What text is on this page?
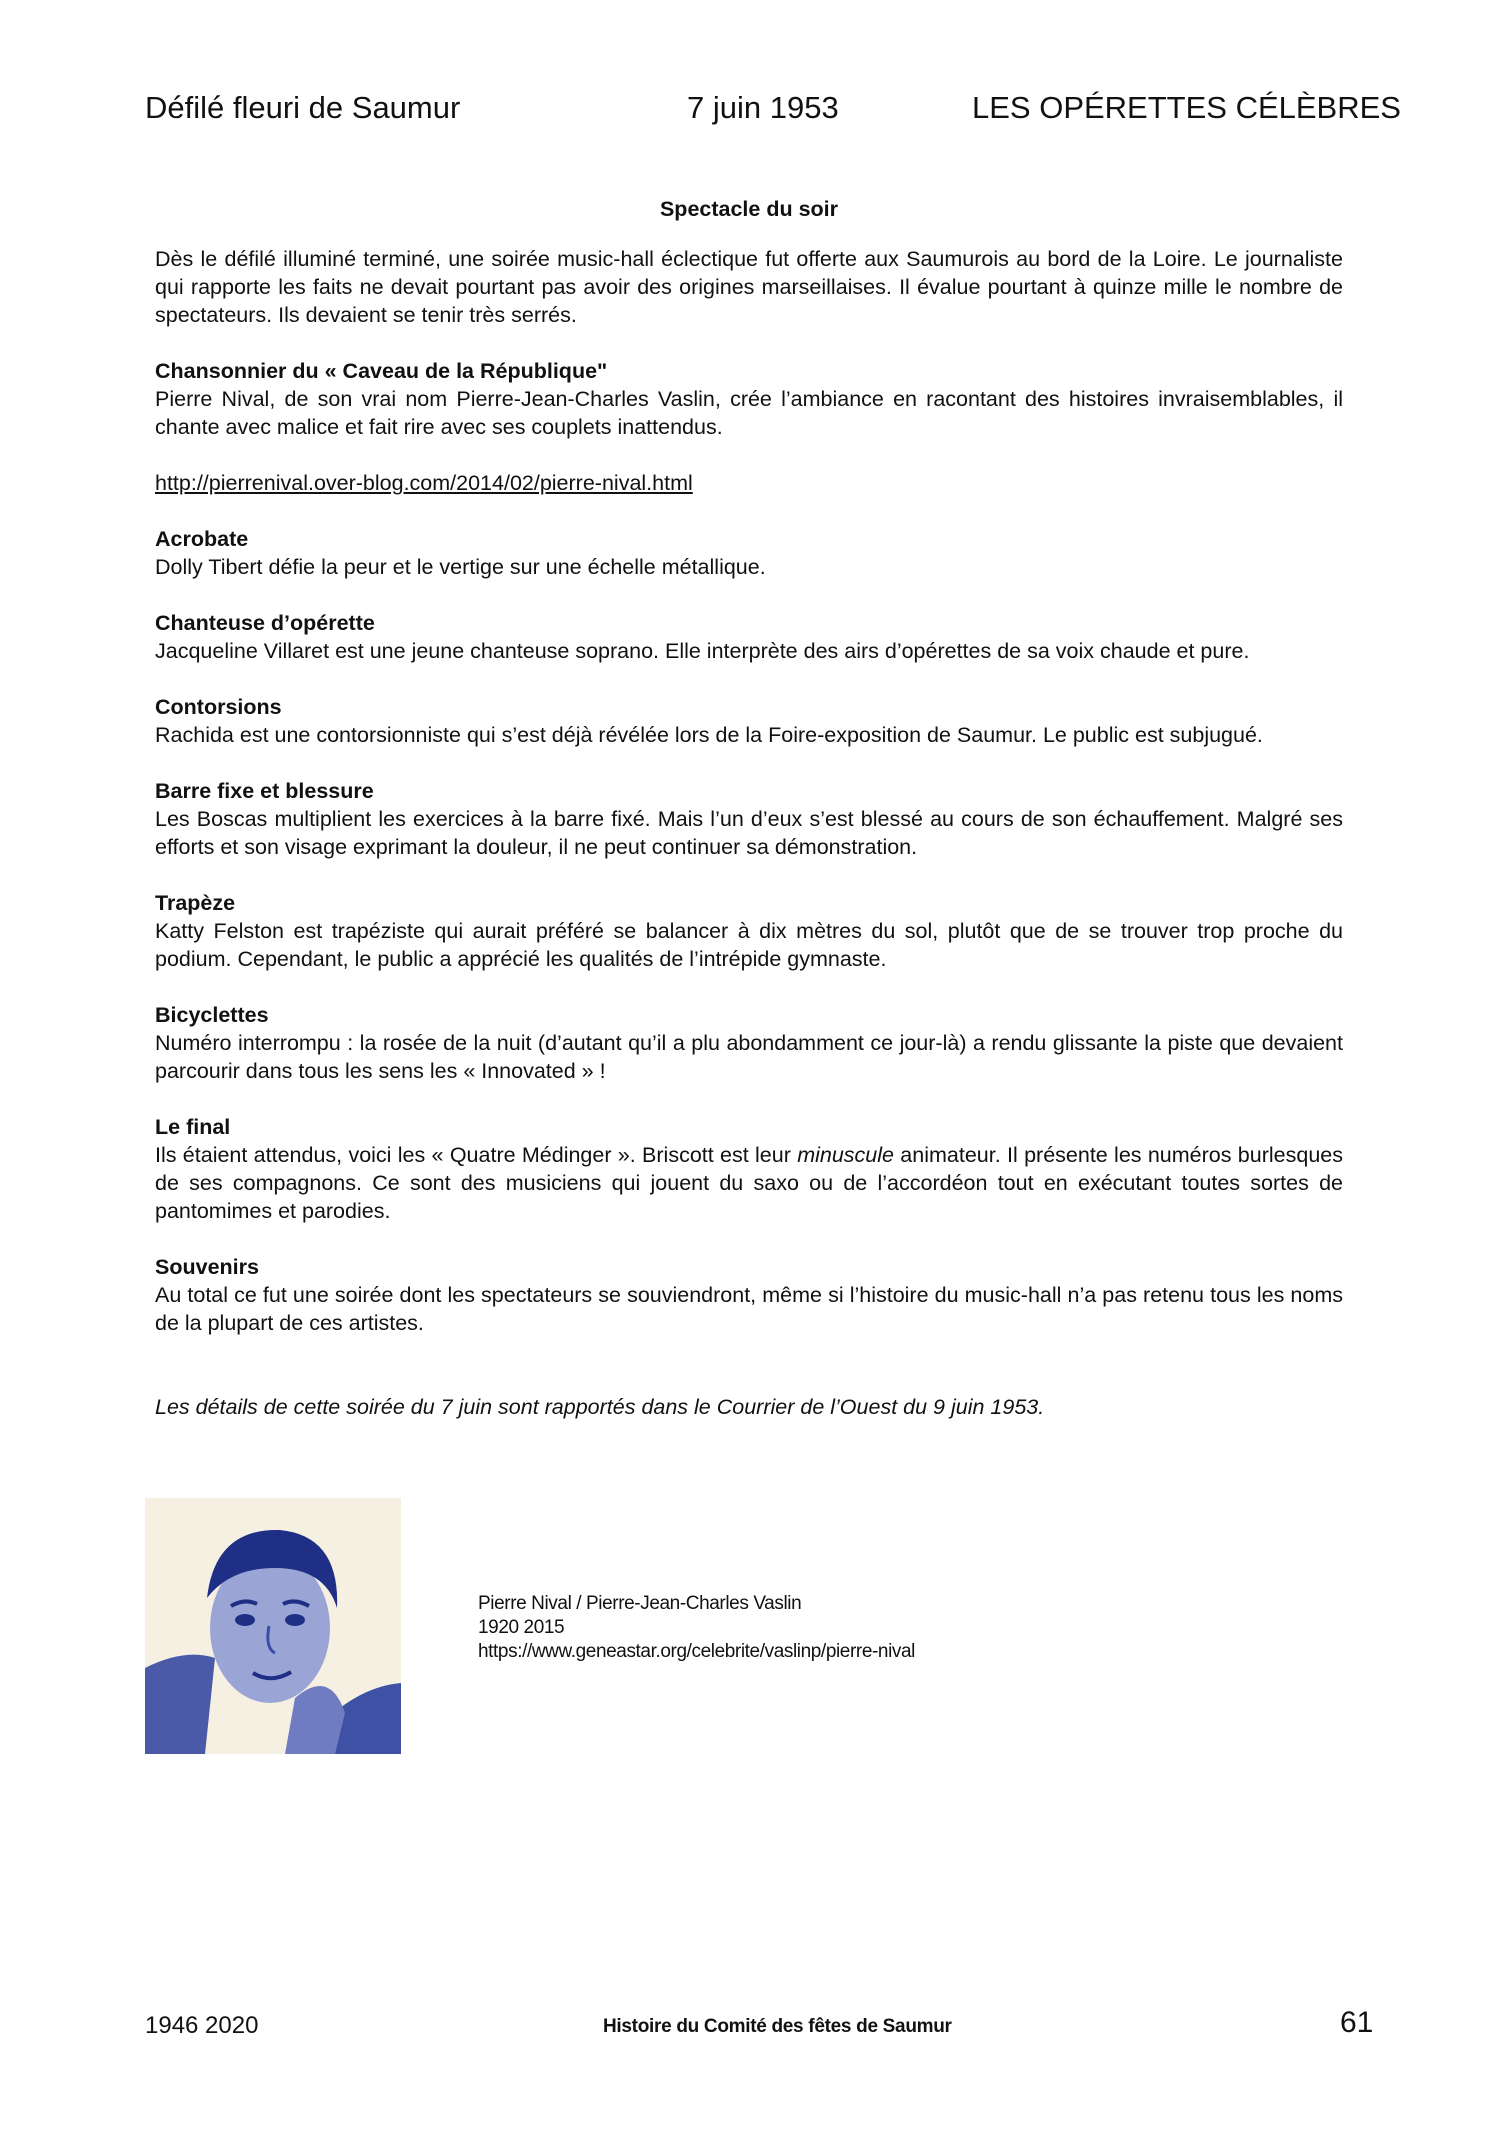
Défilé fleuri de Saumur	7 juin 1953	LES OPÉRETTES CÉLÈBRES

Spectacle du soir

Dès le défilé illuminé terminé, une soirée music-hall éclectique fut offerte aux Saumurois au bord de la Loire. Le journaliste qui rapporte les faits ne devait pourtant pas avoir des origines marseillaises. Il évalue pourtant à quinze mille le nombre de spectateurs. Ils devaient se tenir très serrés.

Chansonnier du « Caveau de la République"

Pierre Nival, de son vrai nom Pierre-Jean-Charles Vaslin, crée l’ambiance en racontant des histoires invraisemblables, il chante avec malice et fait rire avec ses couplets inattendus.

http://pierrenival.over-blog.com/2014/02/pierre-nival.html
Acrobate

Dolly Tibert défie la peur et le vertige sur une échelle métallique.

Chanteuse d’opérette

Jacqueline Villaret est une jeune chanteuse soprano. Elle interprète des airs d’opérettes de sa voix chaude et pure.

Contorsions

Rachida est une contorsionniste qui s’est déjà révélée lors de la Foire-exposition de Saumur. Le public est subjugué.

Barre fixe et blessure

Les Boscas multiplient les exercices à la barre fixé. Mais l’un d’eux s’est blessé au cours de son échauffement. Malgré ses efforts et son visage exprimant la douleur, il ne peut continuer sa démonstration.

Trapèze

Katty Felston est trapéziste qui aurait préféré se balancer à dix mètres du sol, plutôt que de se trouver trop proche du podium. Cependant, le public a apprécié les qualités de l’intrépide gymnaste.

Bicyclettes

Numéro interrompu : la rosée de la nuit (d’autant qu’il a plu abondamment ce jour-là) a rendu glissante la piste que devaient parcourir dans tous les sens les « Innovated » !

Le final

Ils étaient attendus, voici les « Quatre Médinger ». Briscott est leur minuscule animateur. Il présente les numéros burlesques de ses compagnons. Ce sont des musiciens qui jouent du saxo ou de l’accordéon tout en exécutant toutes sortes de pantomimes et parodies.

Souvenirs

Au total ce fut une soirée dont les spectateurs se souviendront, même si l’histoire du music-hall n’a pas retenu tous les noms de la plupart de ces artistes.

Les détails de cette soirée du 7 juin sont rapportés dans le Courrier de l’Ouest du 9 juin 1953.

Pierre Nival / Pierre-Jean-Charles Vaslin
1920 2015
https://www.geneastar.org/celebrite/vaslinp/pierre-nival
1946 2020	Histoire du Comité des fêtes de Saumur	61
